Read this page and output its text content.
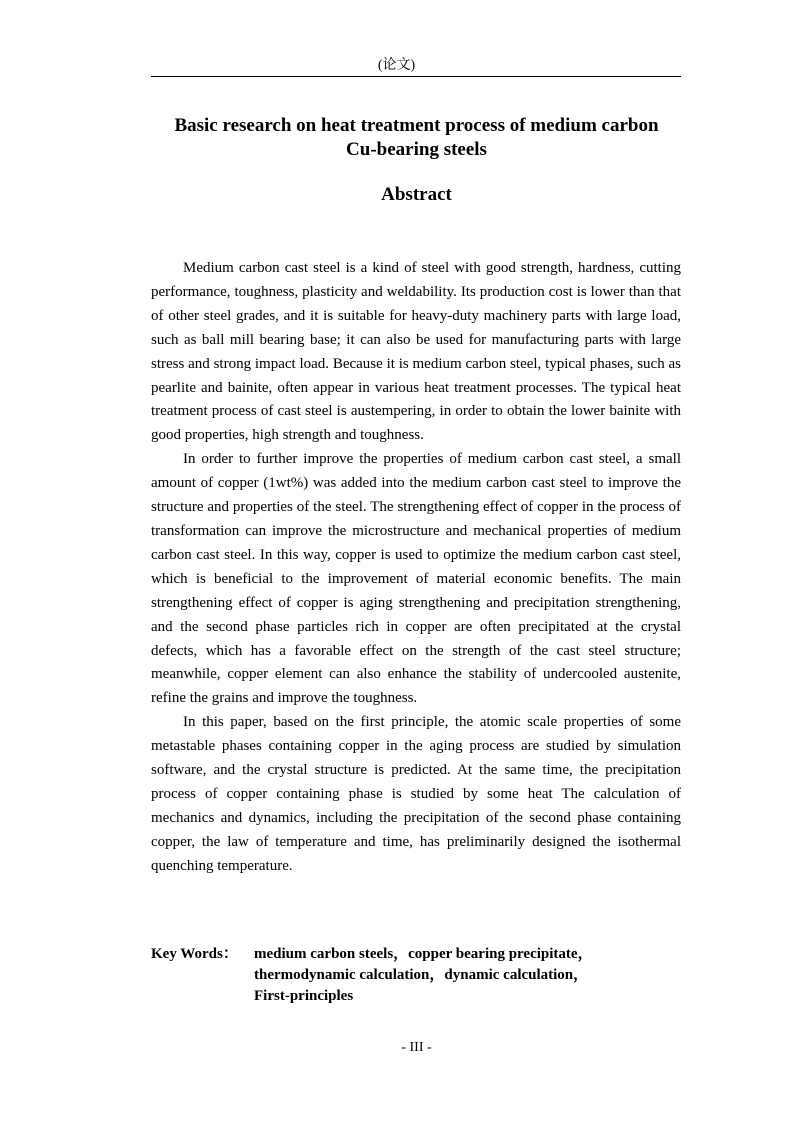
(论文)
Basic research on heat treatment process of medium carbon
Cu-bearing steels
Abstract

Medium carbon cast steel is a kind of steel with good strength, hardness, cutting performance, toughness, plasticity and weldability. Its production cost is lower than that of other steel grades, and it is suitable for heavy-duty machinery parts with large load, such as ball mill bearing base; it can also be used for manufacturing parts with large stress and strong impact load. Because it is medium carbon steel, typical phases, such as pearlite and bainite, often appear in various heat treatment processes. The typical heat treatment process of cast steel is austempering, in order to obtain the lower bainite with good properties, high strength and toughness.

In order to further improve the properties of medium carbon cast steel, a small amount of copper (1wt%) was added into the medium carbon cast steel to improve the structure and properties of the steel. The strengthening effect of copper in the process of transformation can improve the microstructure and mechanical properties of medium carbon cast steel. In this way, copper is used to optimize the medium carbon cast steel, which is beneficial to the improvement of material economic benefits. The main strengthening effect of copper is aging strengthening and precipitation strengthening, and the second phase particles rich in copper are often precipitated at the crystal defects, which has a favorable effect on the strength of the cast steel structure; meanwhile, copper element can also enhance the stability of undercooled austenite, refine the grains and improve the toughness.

In this paper, based on the first principle, the atomic scale properties of some metastable phases containing copper in the aging process are studied by simulation software, and the crystal structure is predicted. At the same time, the precipitation process of copper containing phase is studied by some heat The calculation of mechanics and dynamics, including the precipitation of the second phase containing copper, the law of temperature and time, has preliminarily designed the isothermal quenching temperature.

Key Words： medium carbon steels，copper bearing precipitate，
thermodynamic calculation，dynamic calculation，
First-principles
- III -
